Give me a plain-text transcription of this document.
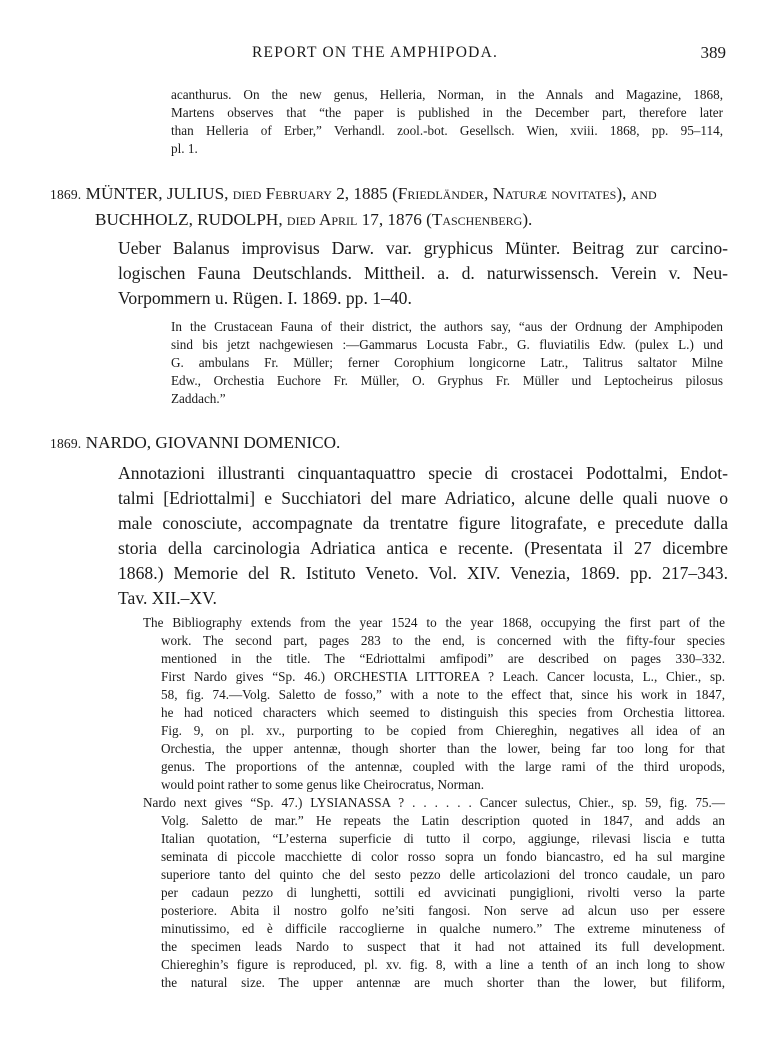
REPORT ON THE AMPHIPODA.	389
acanthurus. On the new genus, Helleria, Norman, in the Annals and Magazine, 1868,
Martens observes that “the paper is published in the December part, therefore later
than Helleria of Erber,” Verhandl. zool.-bot. Gesellsch. Wien, xviii. 1868, pp. 95–114,
pl. 1.
1869. MÜNTER, JULIUS, died February 2, 1885 (Friedländer, Naturæ novitates), and
BUCHHOLZ, RUDOLPH, died April 17, 1876 (Taschenberg).
Ueber Balanus improvisus Darw. var. gryphicus Münter. Beitrag zur carcino-
logischen Fauna Deutschlands. Mittheil. a. d. naturwissensch. Verein v. Neu-
Vorpommern u. Rügen. I. 1869. pp. 1–40.
In the Crustacean Fauna of their district, the authors say, “aus der Ordnung der Amphipoden
sind bis jetzt nachgewiesen :—Gammarus Locusta Fabr., G. fluviatilis Edw. (pulex L.) und
G. ambulans Fr. Müller; ferner Corophium longicorne Latr., Talitrus saltator Milne
Edw., Orchestia Euchore Fr. Müller, O. Gryphus Fr. Müller und Leptocheirus pilosus
Zaddach.”
1869. NARDO, GIOVANNI DOMENICO.
Annotazioni illustranti cinquantaquattro specie di crostacei Podottalmi, Endot-
talmi [Edriottalmi] e Succhiatori del mare Adriatico, alcune delle quali nuove o
male conosciute, accompagnate da trentatre figure litografate, e precedute dalla
storia della carcinologia Adriatica antica e recente. (Presentata il 27 dicembre
1868.) Memorie del R. Istituto Veneto. Vol. XIV. Venezia, 1869. pp. 217–343.
Tav. XII.–XV.
The Bibliography extends from the year 1524 to the year 1868, occupying the first part of the
work. The second part, pages 283 to the end, is concerned with the fifty-four species
mentioned in the title. The “Edriottalmi amfipodi” are described on pages 330–332.
First Nardo gives “Sp. 46.) ORCHESTIA LITTOREA ? Leach. Cancer locusta, L., Chier., sp.
58, fig. 74.—Volg. Saletto de fosso,” with a note to the effect that, since his work in 1847,
he had noticed characters which seemed to distinguish this species from Orchestia littorea.
Fig. 9, on pl. xv., purporting to be copied from Chiereghin, negatives all idea of an
Orchestia, the upper antennæ, though shorter than the lower, being far too long for that
genus. The proportions of the antennæ, coupled with the large rami of the third uropods,
would point rather to some genus like Cheirocratus, Norman.
Nardo next gives “Sp. 47.) LYSIANASSA ? . . . . . . Cancer sulectus, Chier., sp. 59, fig. 75.—
Volg. Saletto de mar.” He repeats the Latin description quoted in 1847, and adds an
Italian quotation, “L’esterna superficie di tutto il corpo, aggiunge, rilevasi liscia e tutta
seminata di piccole macchiette di color rosso sopra un fondo biancastro, ed ha sul margine
superiore tanto del quinto che del sesto pezzo delle articolazioni del tronco caudale, un paro
per cadaun pezzo di lunghetti, sottili ed avvicinati pungiglioni, rivolti verso la parte
posteriore. Abita il nostro golfo ne’siti fangosi. Non serve ad alcun uso per essere
minutissimo, ed è difficile raccoglierne in qualche numero.” The extreme minuteness of
the specimen leads Nardo to suspect that it had not attained its full development.
Chiereghin’s figure is reproduced, pl. xv. fig. 8, with a line a tenth of an inch long to show
the natural size. The upper antennæ are much shorter than the lower, but filiform,
